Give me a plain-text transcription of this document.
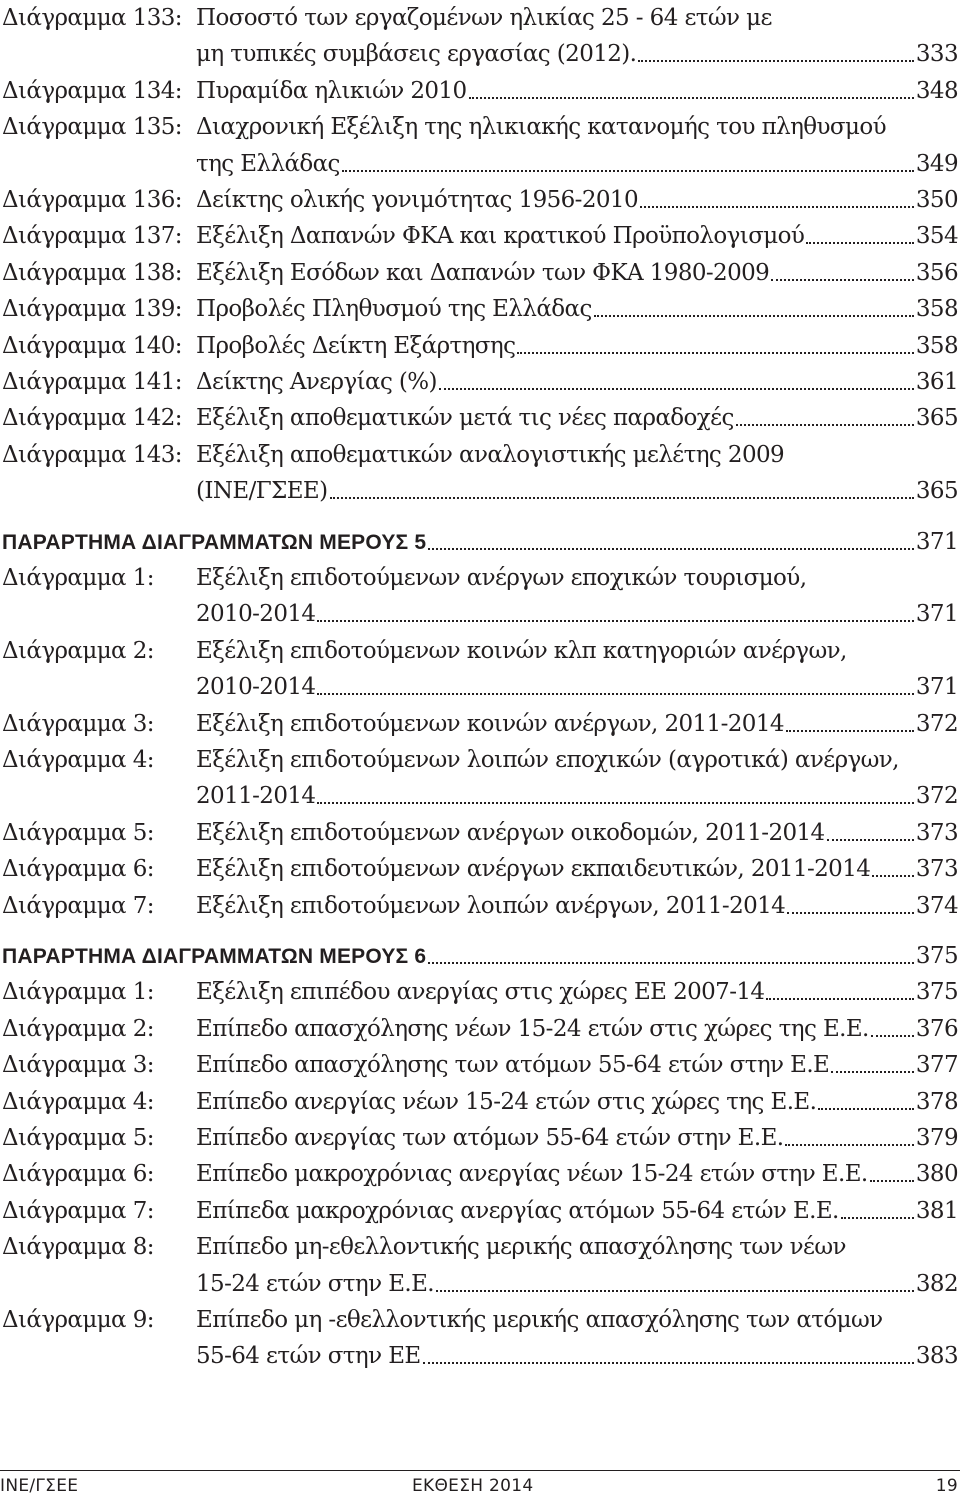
Διάγραμμα 133: Ποσοστό των εργαζομένων ηλικίας 25 - 64 ετών με
μη τυπικές συμβάσεις εργασίας (2012).	333
Διάγραμμα 134: Πυραμίδα ηλικιών 2010	348
Διάγραμμα 135: Διαχρονική Εξέλιξη της ηλικιακής κατανομής του πληθυσμού
της Ελλάδας	349
Διάγραμμα 136: Δείκτης ολικής γονιμότητας 1956-2010	350
Διάγραμμα 137: Εξέλιξη Δαπανών ΦΚΑ και κρατικού Προϋπολογισμού	354
Διάγραμμα 138: Εξέλιξη Εσόδων και Δαπανών των ΦΚΑ 1980-2009	356
Διάγραμμα 139: Προβολές Πληθυσμού της Ελλάδας	358
Διάγραμμα 140: Προβολές Δείκτη Εξάρτησης	358
Διάγραμμα 141: Δείκτης Ανεργίας (%)	361
Διάγραμμα 142: Εξέλιξη αποθεματικών μετά τις νέες παραδοχές	365
Διάγραμμα 143: Εξέλιξη αποθεματικών αναλογιστικής μελέτης 2009
(ΙΝΕ/ΓΣΕΕ)	365
ΠΑΡΑΡΤΗΜΑ ΔΙΑΓΡΑΜΜΑΤΩΝ ΜΕΡΟΥΣ 5	371
Διάγραμμα 1: Εξέλιξη επιδοτούμενων ανέργων εποχικών τουρισμού,
2010-2014	371
Διάγραμμα 2: Εξέλιξη επιδοτούμενων κοινών κλπ κατηγοριών ανέργων,
2010-2014	371
Διάγραμμα 3: Εξέλιξη επιδοτούμενων κοινών ανέργων, 2011-2014	372
Διάγραμμα 4: Εξέλιξη επιδοτούμενων λοιπών εποχικών (αγροτικά) ανέργων,
2011-2014	372
Διάγραμμα 5: Εξέλιξη επιδοτούμενων ανέργων οικοδομών, 2011-2014	373
Διάγραμμα 6: Εξέλιξη επιδοτούμενων ανέργων εκπαιδευτικών, 2011-2014 373
Διάγραμμα 7: Εξέλιξη επιδοτούμενων λοιπών ανέργων, 2011-2014	374
ΠΑΡΑΡΤΗΜΑ ΔΙΑΓΡΑΜΜΑΤΩΝ ΜΕΡΟΥΣ 6	375
Διάγραμμα 1: Εξέλιξη επιπέδου ανεργίας στις χώρες ΕΕ 2007-14	375
Διάγραμμα 2: Επίπεδο απασχόλησης νέων 15-24 ετών στις χώρες της Ε.Ε. 376
Διάγραμμα 3: Επίπεδο απασχόλησης των ατόμων 55-64 ετών στην Ε.Ε	377
Διάγραμμα 4: Επίπεδο ανεργίας νέων 15-24 ετών στις χώρες της Ε.Ε.	378
Διάγραμμα 5: Επίπεδο ανεργίας των ατόμων 55-64 ετών στην Ε.Ε.	379
Διάγραμμα 6: Επίπεδο μακροχρόνιας ανεργίας νέων 15-24 ετών στην Ε.Ε. 380
Διάγραμμα 7: Επίπεδα μακροχρόνιας ανεργίας ατόμων 55-64 ετών Ε.Ε.	381
Διάγραμμα 8: Επίπεδο μη-εθελλοντικής μερικής απασχόλησης των νέων
15-24 ετών στην Ε.Ε.	382
Διάγραμμα 9: Επίπεδο μη -εθελλοντικής μερικής απασχόλησης των ατόμων
55-64 ετών στην ΕΕ	383
ΙΝΕ/ΓΣΕΕ	ΕΚΘΕΣΗ 2014	19
